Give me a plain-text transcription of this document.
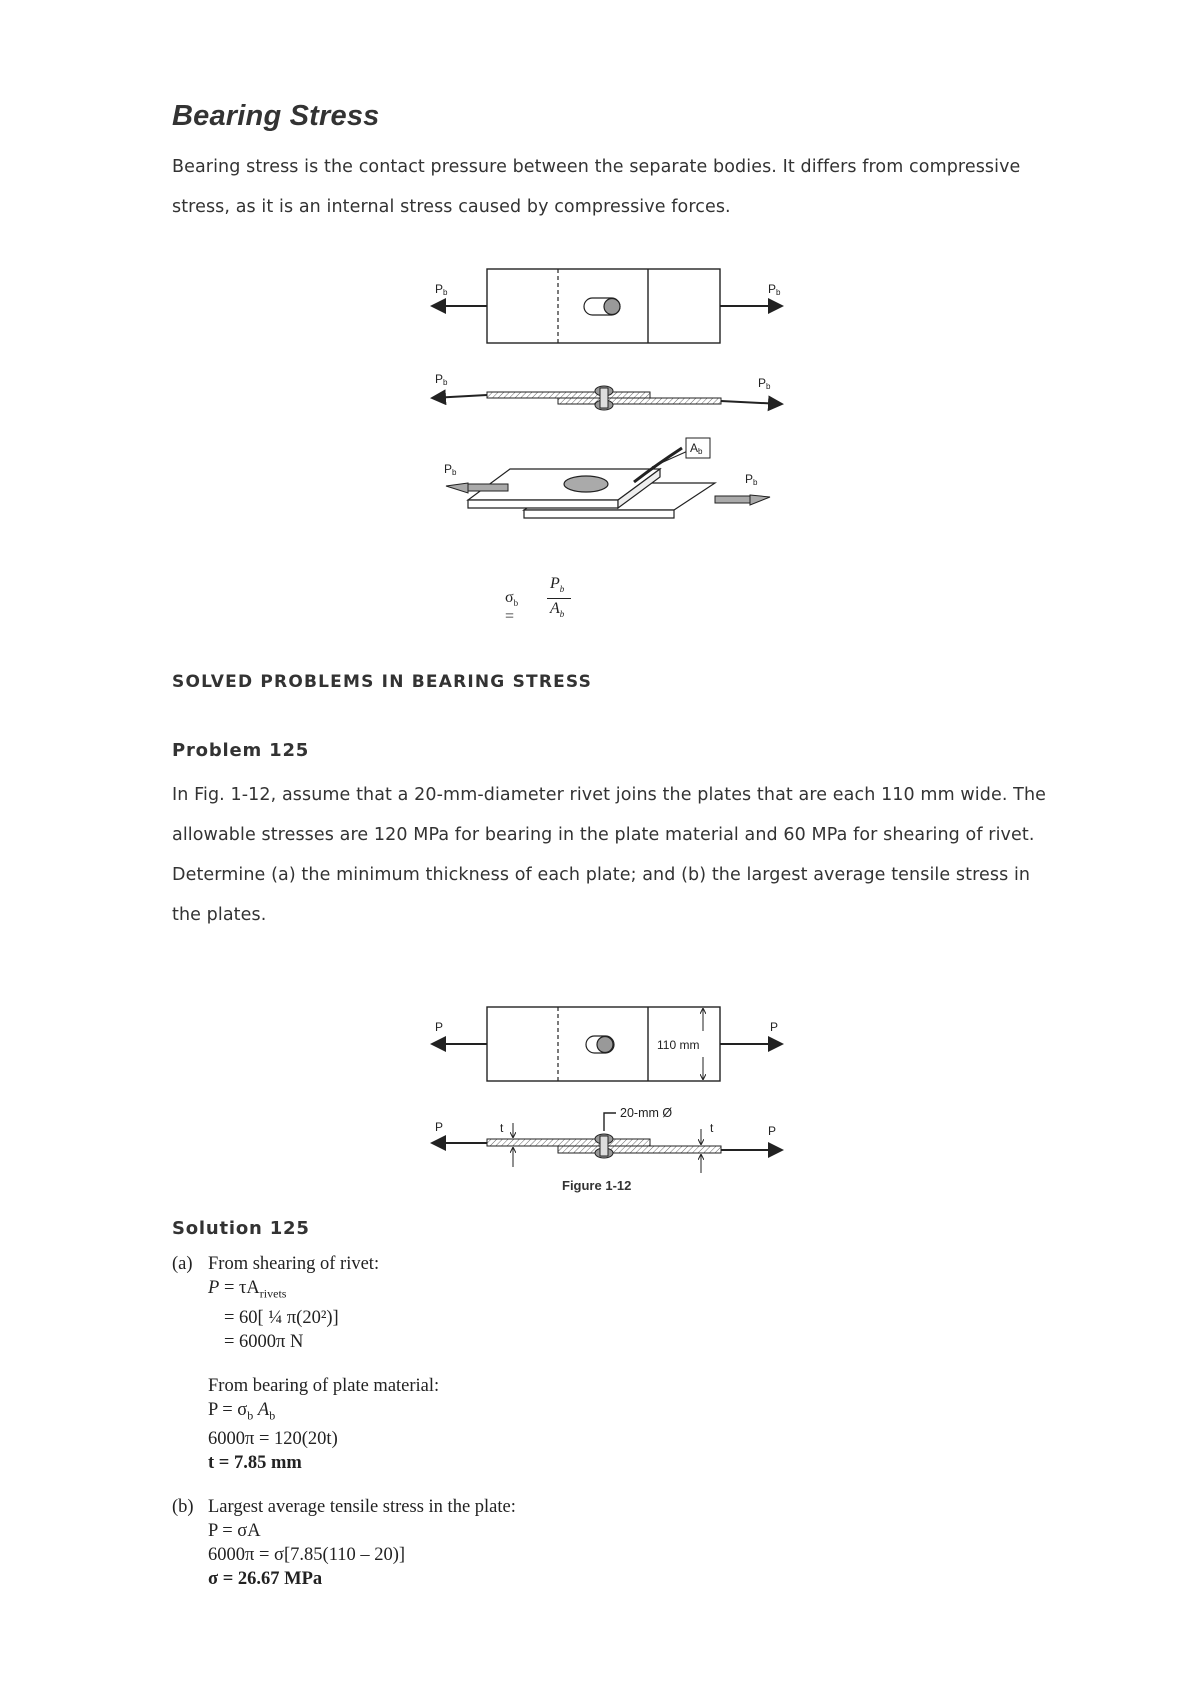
Bearing Stress

Bearing stress is the contact pressure between the separate bodies. It differs from compressive stress, as it is an internal stress caused by compressive forces.

Pb	Pb
Pb	Pb
Ab
Pb	Pb
$\sigma_b$ =
$P_b$
$A_b$

SOLVED PROBLEMS IN BEARING STRESS

Problem 125

In Fig. 1-12, assume that a 20-mm-diameter rivet joins the plates that are each 110 mm wide. The allowable stresses are 120 MPa for bearing in the plate material and 60 MPa for shearing of rivet. Determine (a) the minimum thickness of each plate; and (b) the largest average tensile stress in the plates.

P	P
110 mm
P	P
20-mm Ø
t	t
Figure 1-12

Solution 125

(a) From shearing of rivet:
$P = \tau A_{rivets}$
= 60[ ¼ π(20²)]
= 6000π N
From bearing of plate material:
$P = \sigma_b$ $A_b$
6000π = 120(20t)
t = 7.85 mm
(b) Largest average tensile stress in the plate:
P = σA
6000π = σ[7.85(110 – 20)]
σ = 26.67 MPa
